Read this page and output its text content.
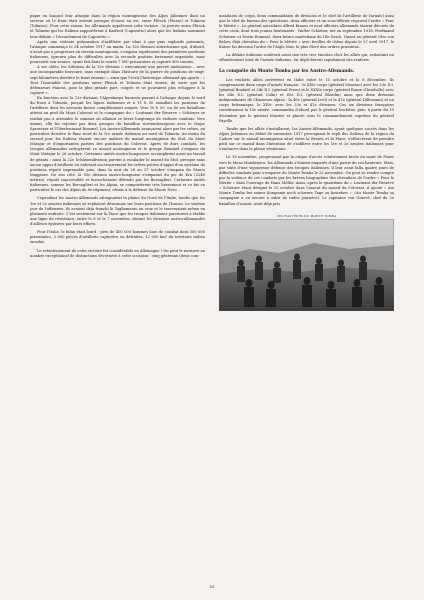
pique en lançant leur attaque dans la région montagneuse des Alpes Juliennes dont un secteur où le front était orienté presque d'ouest en est, entre Flitsch (Plezzo) et Tolmein (Tolmino). Pour cette raison, les Allemands appelèrent cette victoire : la percée entre Flitsch et Tolmein qui les Italiens rapportèrent à Karfreit (Caporetto) alors que les Italiens nomment leur défaite « l'écroulement de Caporetto ».

Après une violente préparation d'artillerie par obus à gaz puis explosifs puissants, l'attaque commença le 24 octobre 1917 au matin. La 12e division autrichienne qui, d'abord, n'avait pas à progresser en terrain montagneux, s'empara rapidement des premières positions italiennes, éprouva plus de difficultés avec la seconde position fortement organisée, mais poursuivit son avance, ayant fait dans la soirée 7 000 prisonniers et capturé 900 canons.

A ses côtés, les Silésiens de la 12e division « exécutaient une percée audacieuse... avec une incomparable bravoure, sans exemple dans l'histoire de la guerre de positions de vingt-sept kilomètres derrière le front ennemi », ainsi que l'écrit l'historique allemand qui ajoute : « Tout l'ensemble des positions entre Flitsch et Tolmein était tourné, de sorte que les défenseurs étaient, pour la plus grande part, coupés et ne pouvaient plus échapper à la capture ».

En fonction avec la 12e division, l'Alpenkorps bavarois passait à l'attaque depuis le nord du front à Tolmein, perçait les lignes italiennes et à 11 h 30 assaillait les positions de l'artillerie dont les servants furent complètement surpris. Vers 16 h 00, un de ses bataillons atteint au pied du Mont Colovrat et la compagnie du « Leutnant der Reserve » Schörner se tardait pas à atteindre le sommet où allaient se livrer longtemps de violents combats. Vers minuit, elle fut rejointe par deux groupes du bataillon wurtembourgeois avec le Major Sproesser et l'Oberleutnant Rommel. Les Austro-Allemands avançaient alors par les crêtes, en particulier derrière le flanc nord de la 1re armée italienne au nord de Tolmein. Au matin du second jour, les Italiens étaient encore maîtres du massif montagneux du Stol, du Mont Matajur et d'importantes parties des positions du Colovrat. Après de durs combats, les troupes allemandes nettoyèrent ce massif montagneux et le groupe Rommel s'empara du Mont Matajur le 26 octobre. Certaines unités austro-hongroises accomplirent aussi un travail de géants : ainsi la 22e Schützendivision parvint à escalader le massif du Stol, presque sans aucun appui d'artillerie en enlevant successivement les crêtes potées d'appui d'un système de positions réputé imprenable puis, dans la nuit du 26 au 27 octobre s'empara du Monte Maggiore. De son côté, la 50e division austro-hongroise s'emparait du pic de Krn (2246 mètres), réputé inaccessible et farouchement défendu par les Bersaglieri. Certaines unités italiennes, comme les Bersaglieri et les Alpini, se comportèrent très bravement et ce fut en particulier le cas des Alpini du 8e régiment, réunis à la défense du Monte Nero.

Cependant les Austro-Allemands atteignaient la plaine du Nord de l'Italie, tandis que les 1re et 2e armées italiennes se repliaient désormais sur leurs positions de l'Isonzo. Le sixième jour de l'offensive, ils avaient déjà franchi le Tagliamento en crue et le traversaient même en plusieurs endroits. C'est seulement sur la Piave que les troupes italiennes parvinrent à établir une ligne de résistance, entre le 8 et le 7 novembre, devant les divisions austro-allemandes d'ailleurs épuisées par leurs efforts.

Pour l'Italie, le bilan était lourd : près de 400 000 hommes hors de combat dont 300 000 prisonniers, 3 000 pièces d'artillerie capturées ou détruites, 12 000 km² du territoire italien envahis.

Le retentissement de cette victoire fut considérable en Allemagne ! On peut le mesurer au nombre exceptionnel de distinctions décernées à cette occasion : cinq généraux (deux com-

mandants de corps, deux commandants de divisions et le chef de l'artillerie de l'armée) ainsi que le chef du bureau des opérations, deux officiers et un sous-officier reçurent l'ordre « Pour le Mérite ». Le général autrichien Alfred Krauss et neuf officiers allemands étaient décorés de cette croix, dont trois jeunes lieutenants : Walter Schieber, tué en septembre 1918, Ferdinand Schörner et Erwin Rommel, deux futurs maréchaux du IIIe Reich. Quant au général Otto von Below, déjà chevalier du « Pour le Mérite » avec feuilles de chêne depuis le 27 avril 1917, le Kaiser lui décerna l'ordre de l'Aigle Noir, le plus élevé des ordres prussiens.

La défaite italienne soulevait aussi une très vive émotion chez les alliés qui, redoutant un effondrement total de l'armée italienne, lui dépêchèrent rapidement des renforts.

La conquête du Monte Tomba par les Austro-Allemands.

Les renforts alliés arrivèrent en Italie entre le 10 octobre et le 8 décembre. Ils comprenaient deux corps d'armée français : le XXIe corps (général Mouriac) avec les 23e D.I. (général Bonfait) et 24e D.I. (général Priou) et le XXXIe corps (général Roure d'Intelville) avec les 64e D.I. (général Colin) et 65e D.I. (général Blondin) ainsi que deux divisions indépendantes de Chasseurs alpins : la 46e (général Levi) et la 47e (général Dillemann) et un corps britannique, le XIVe, avec les 23e et 41e divisions. Ces six divisions françaises constituaient la 10e armée, commandée d'abord par le général Duchêne, puis, à partir du 15 décembre par le général Maistre et placée sous le commandement suprême du général Fayolle.

Tandis que les alliés s'installaient, les Austro-Allemands, ayant quelques succès dans les Alpes Juliennes au début de novembre 1917 provoquant le repli des Italiens de la région du Cadore sur le massif montagneux situé entre la Brenta et la Piave, s'efforcèrent de prendre pied sur ce massif dans l'intention de s'infiltrer entre les 1re et 2e armées italiennes pour s'enfoncer dans la plaine vénitienne.

Le 18 novembre, progressant par la crique d'accès relativement facile du mont de Fener vers le Mons Mondenera, les Allemands s'étaient emparés d'une partie de ces hauteurs. Mais, par suite d'une vigoureuse défense des troupes italiennes, il leur avait fallu quatre jours de difficiles combats pour s'emparer du Monte Tomba le 22 novembre. On peut se rendre compte par la violence de ces combats par les brèves biographies des chevaliers de l'ordre « Pour le Mérite » dans l'ouvrage de Hans Möller. Ainsi, après le quatrième du « Leutnant der Reserve » Schörner étant désigné le 25 octobre dans l'assaut du massif du Colovrat, il ajoute « Am Monte Tomba bei seiner Kompanie noch schwere Tage zu bestehen ». (Au Monte Tomba sa compagnie a eu encore à subir de rudes journées). Le capitaine von Graevé, chef du 2e bataillon d'assaut, avait déjà pris

LES HAUTEURS DU MONTE TOMBA
53
